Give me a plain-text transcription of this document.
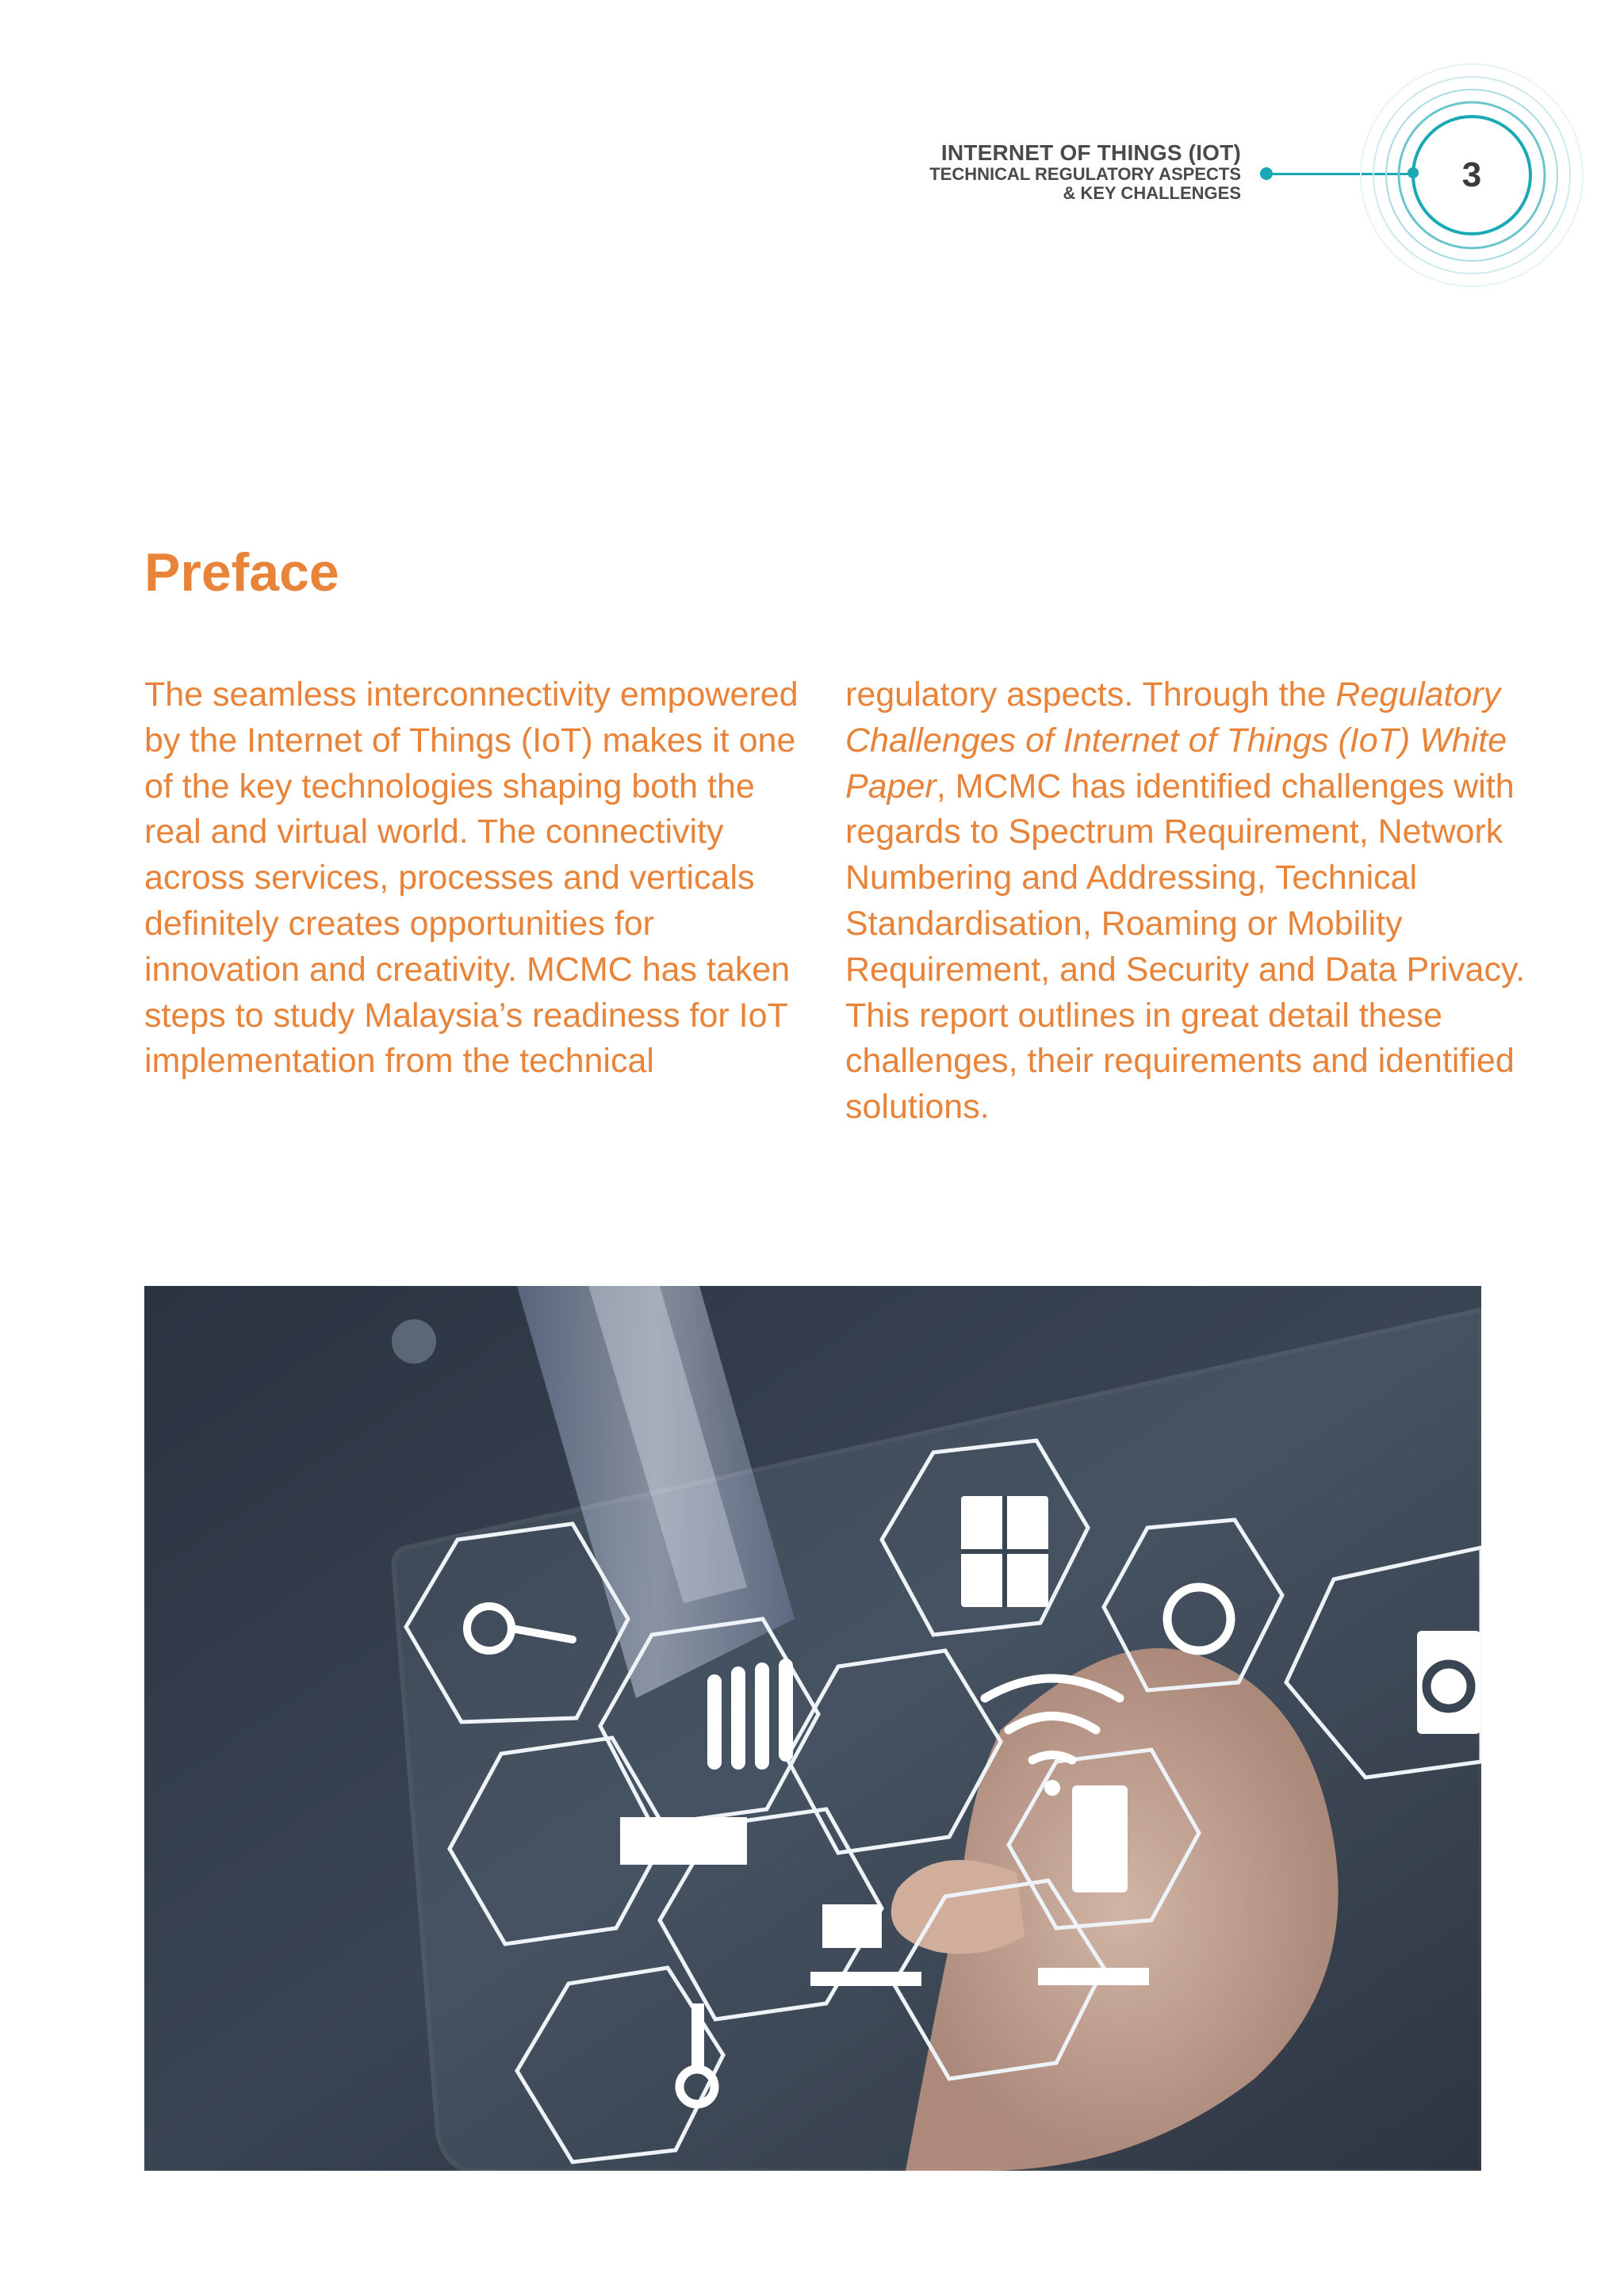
INTERNET OF THINGS (IOT)
TECHNICAL REGULATORY ASPECTS
& KEY CHALLENGES	3
Preface

The seamless interconnectivity empowered by the Internet of Things (IoT) makes it one of the key technologies shaping both the real and virtual world. The connectivity across services, processes and verticals definitely creates opportunities for innovation and creativity. MCMC has taken steps to study Malaysia’s readiness for IoT implementation from the technical

regulatory aspects. Through the Regulatory Challenges of Internet of Things (IoT) White Paper, MCMC has identified challenges with regards to Spectrum Requirement, Network Numbering and Addressing, Technical Standardisation, Roaming or Mobility Requirement, and Security and Data Privacy. This report outlines in great detail these challenges, their requirements and identified solutions.
